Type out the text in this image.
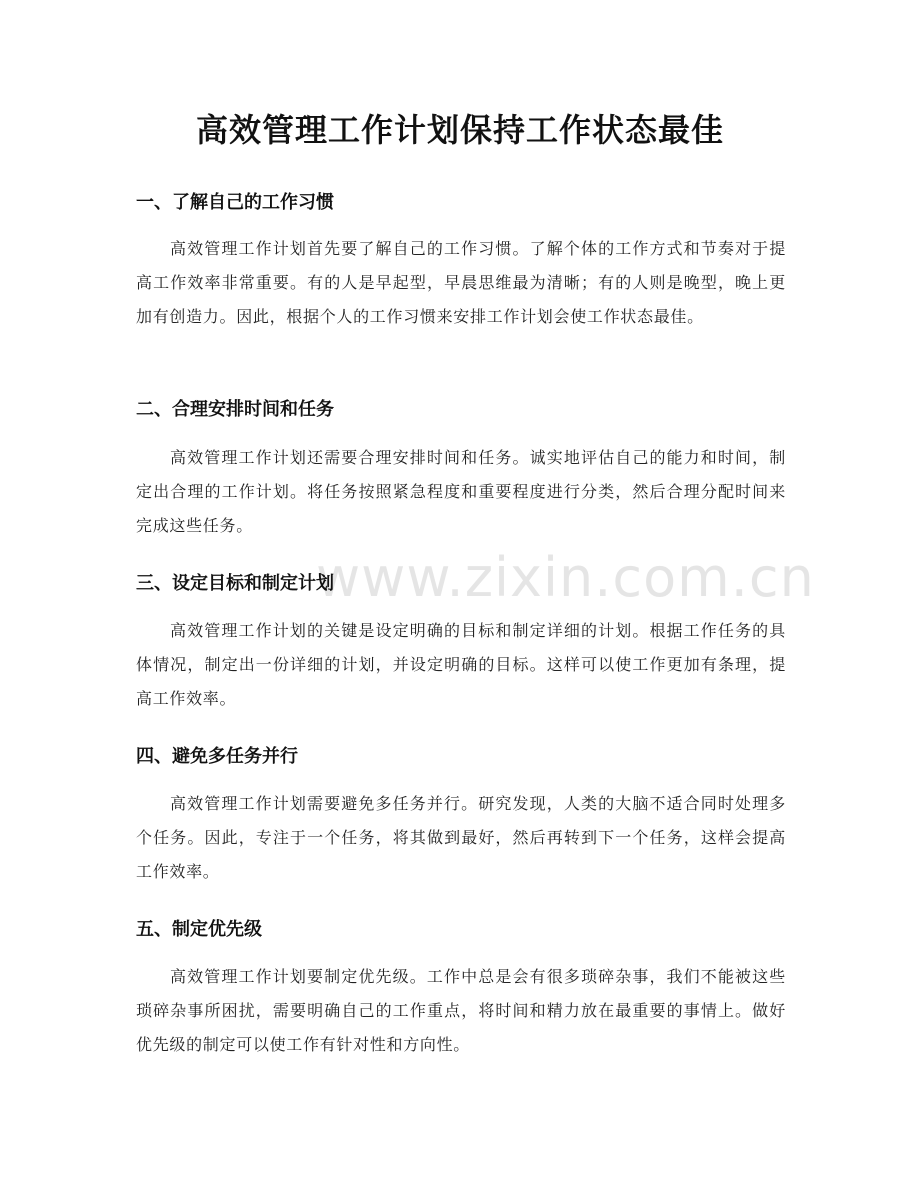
高效管理工作计划保持工作状态最佳
www.zixin.com.cn
一、了解自己的工作习惯

高效管理工作计划首先要了解自己的工作习惯。了解个体的工作方式和节奏对于提高工作效率非常重要。有的人是早起型，早晨思维最为清晰；有的人则是晚型，晚上更加有创造力。因此，根据个人的工作习惯来安排工作计划会使工作状态最佳。

二、合理安排时间和任务

高效管理工作计划还需要合理安排时间和任务。诚实地评估自己的能力和时间，制定出合理的工作计划。将任务按照紧急程度和重要程度进行分类，然后合理分配时间来完成这些任务。

三、设定目标和制定计划

高效管理工作计划的关键是设定明确的目标和制定详细的计划。根据工作任务的具体情况，制定出一份详细的计划，并设定明确的目标。这样可以使工作更加有条理，提高工作效率。

四、避免多任务并行

高效管理工作计划需要避免多任务并行。研究发现，人类的大脑不适合同时处理多个任务。因此，专注于一个任务，将其做到最好，然后再转到下一个任务，这样会提高工作效率。

五、制定优先级

高效管理工作计划要制定优先级。工作中总是会有很多琐碎杂事，我们不能被这些琐碎杂事所困扰，需要明确自己的工作重点，将时间和精力放在最重要的事情上。做好优先级的制定可以使工作有针对性和方向性。
